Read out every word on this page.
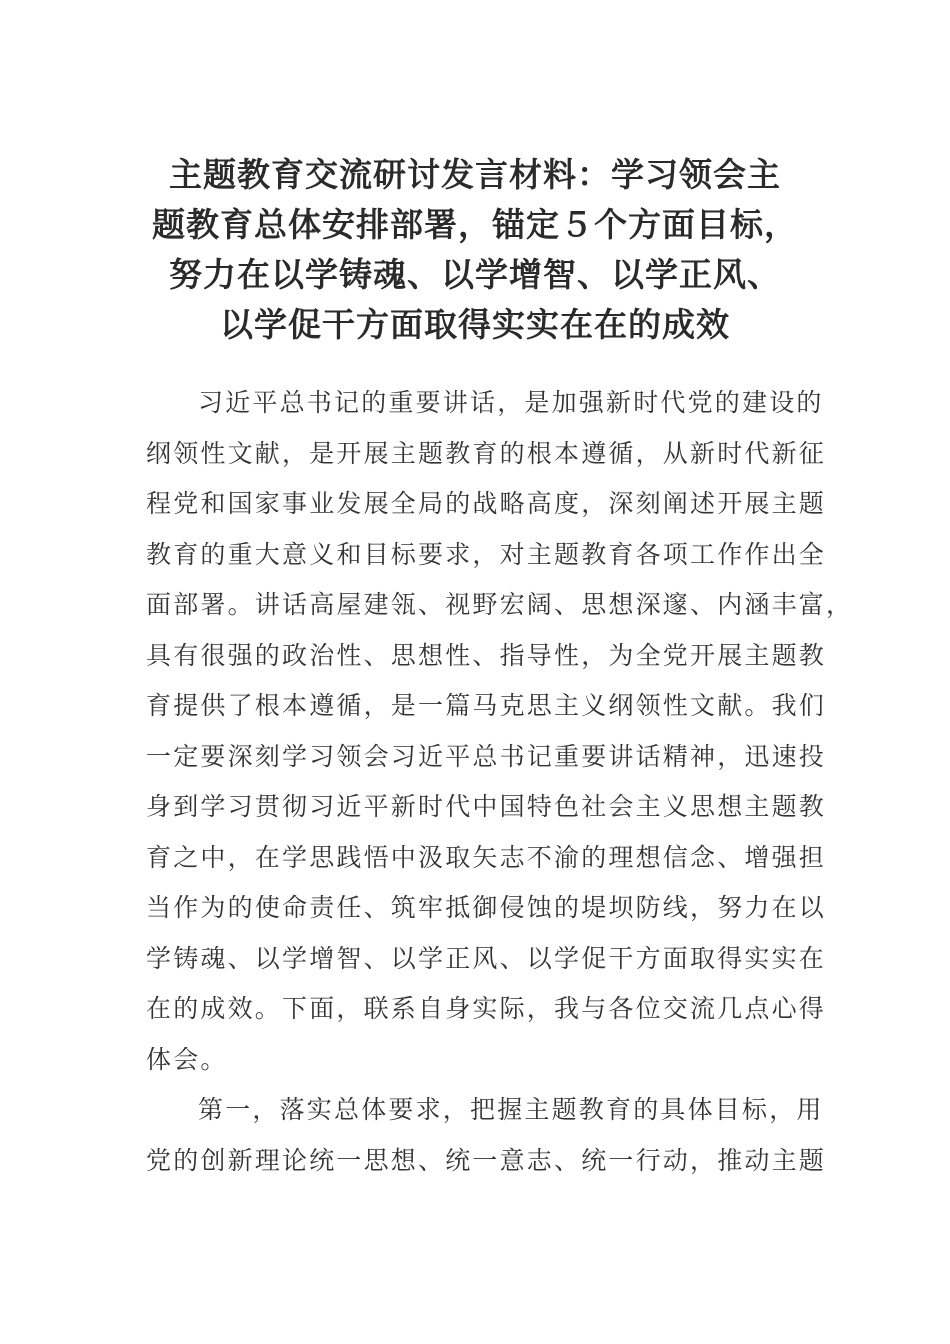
主题教育交流研讨发言材料：学习领会主
题教育总体安排部署，锚定５个方面目标，
努力在以学铸魂、以学增智、以学正风、
以学促干方面取得实实在在的成效
习近平总书记的重要讲话，是加强新时代党的建设的
纲领性文献，是开展主题教育的根本遵循，从新时代新征
程党和国家事业发展全局的战略高度，深刻阐述开展主题
教育的重大意义和目标要求，对主题教育各项工作作出全
面部署。讲话高屋建瓴、视野宏阔、思想深邃、内涵丰富，
具有很强的政治性、思想性、指导性，为全党开展主题教
育提供了根本遵循，是一篇马克思主义纲领性文献。我们
一定要深刻学习领会习近平总书记重要讲话精神，迅速投
身到学习贯彻习近平新时代中国特色社会主义思想主题教
育之中，在学思践悟中汲取矢志不渝的理想信念、增强担
当作为的使命责任、筑牢抵御侵蚀的堤坝防线，努力在以
学铸魂、以学增智、以学正风、以学促干方面取得实实在
在的成效。下面，联系自身实际，我与各位交流几点心得
体会。
第一，落实总体要求，把握主题教育的具体目标，用
党的创新理论统一思想、统一意志、统一行动，推动主题
